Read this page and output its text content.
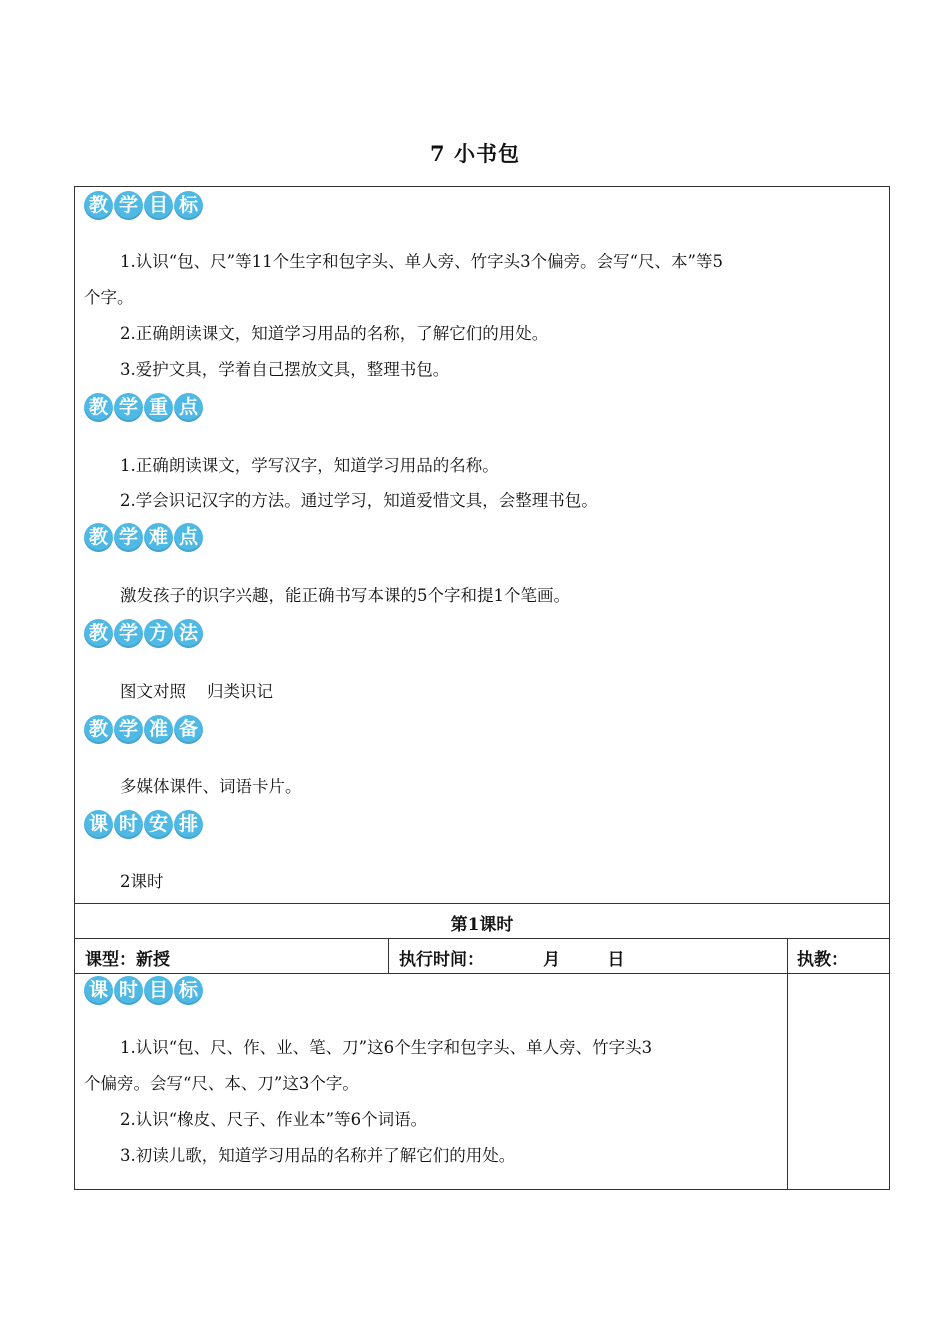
7 小书包
教 学 目 标
1.认识“包、尺”等11个生字和包字头、单人旁、竹字头3个偏旁。会写“尺、本”等5
个字。
2.正确朗读课文，知道学习用品的名称，了解它们的用处。
3.爱护文具，学着自己摆放文具，整理书包。
教 学 重 点
1.正确朗读课文，学写汉字，知道学习用品的名称。
2.学会识记汉字的方法。通过学习，知道爱惜文具，会整理书包。
教 学 难 点
激发孩子的识字兴趣，能正确书写本课的5个字和提1个笔画。
教 学 方 法
图文对照    归类识记
教 学 准 备
多媒体课件、词语卡片。
课 时 安 排
2课时
第1课时
课型：新授	执行时间：          月        日	执教：
课 时 目 标
1.认识“包、尺、作、业、笔、刀”这6个生字和包字头、单人旁、竹字头3
个偏旁。会写“尺、本、刀”这3个字。
2.认识“橡皮、尺子、作业本”等6个词语。
3.初读儿歌，知道学习用品的名称并了解它们的用处。
